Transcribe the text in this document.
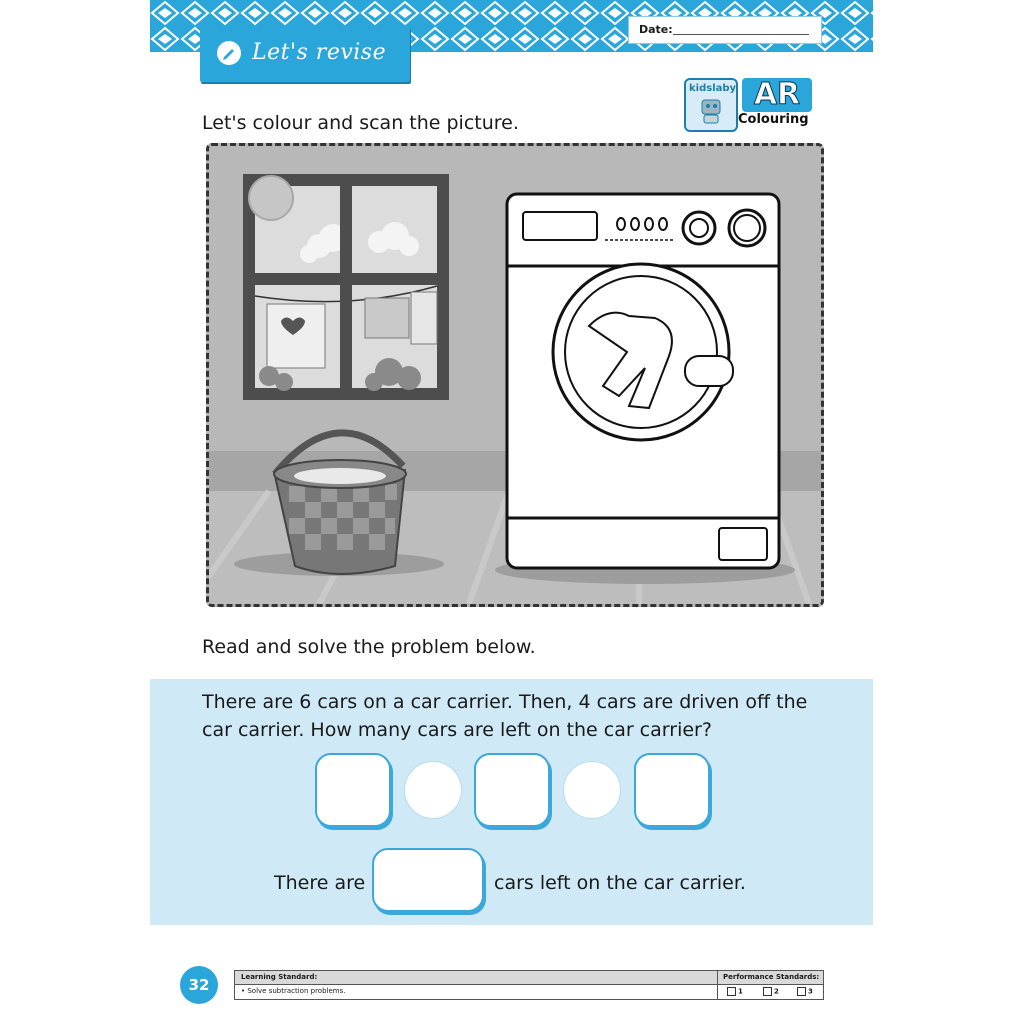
Date:
Let's revise
kidslaby AR
Colouring
Let's colour and scan the picture.
Read and solve the problem below.
There are 6 cars on a car carrier. Then, 4 cars are driven off the car carrier. How many cars are left on the car carrier?
There are	cars left on the car carrier.
32	Learning Standard:	Performance Standards:
• Solve subtraction problems.	1	2	3
